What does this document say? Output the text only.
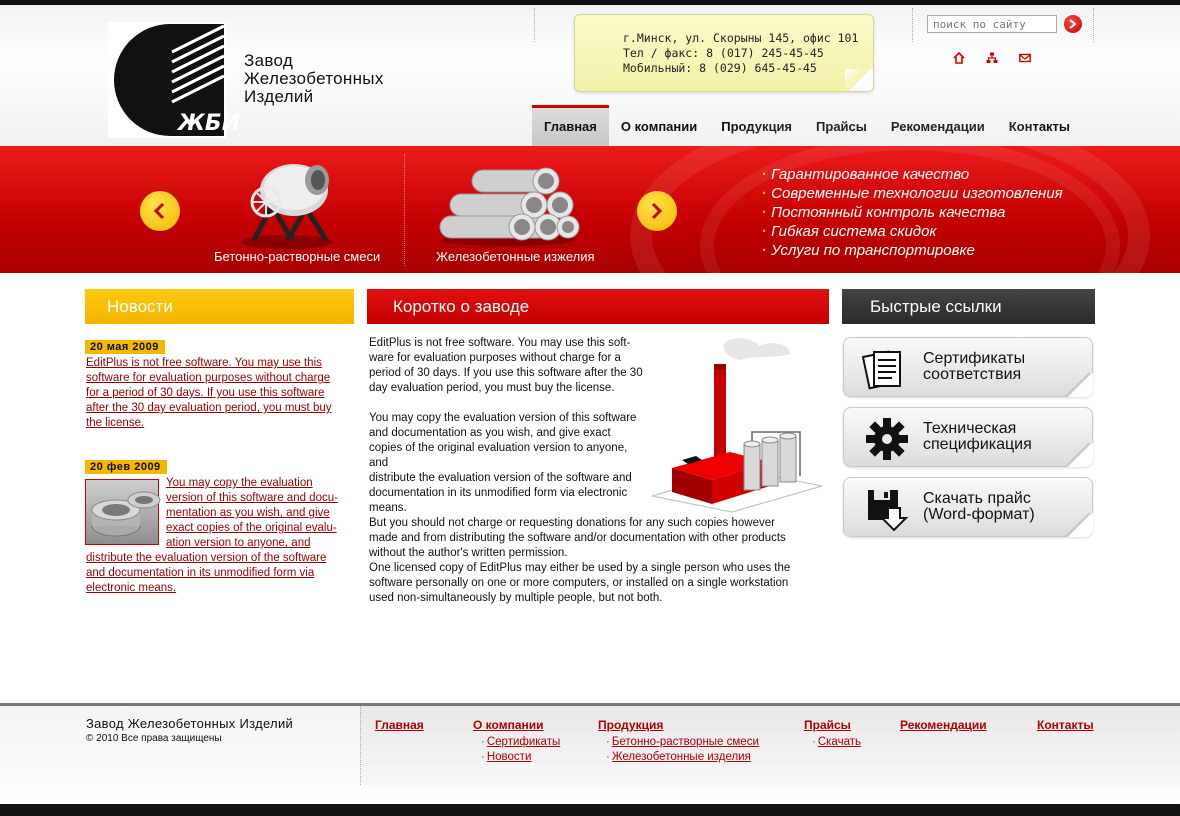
ЖБИ
Завод
Железобетонных
Изделий
г.Минск, ул. Скорыны 145, офис 101
Тел / факс: 8 (017) 245-45-45
Мобильный: 8 (029) 645-45-45
поиск по сайту
Главная	О компании	Продукция	Прайсы	Рекомендации	Контакты
Бетонно-растворные смеси	Железобетонные изжелия
· Гарантированное качество
· Современные технологии изготовления
· Постоянный контроль качества
· Гибкая система скидок
· Услуги по транспортировке
Новости	Коротко о заводе	Быстрые ссылки
20 мая 2009
EditPlus is not free software. You may use this
software for evaluation purposes without charge
for a period of 30 days. If you use this software
after the 30 day evaluation period, you must buy
the license.
20 фев 2009
You may copy the evaluation
version of this software and docu-
mentation as you wish, and give
exact copies of the original evalu-
ation version to anyone, and
distribute the evaluation version of the software
and documentation in its unmodified form via
electronic means.
EditPlus is not free software. You may use this soft-
ware for evaluation purposes without charge for a
period of 30 days. If you use this software after the 30
day evaluation period, you must buy the license.
You may copy the evaluation version of this software
and documentation as you wish, and give exact
copies of the original evaluation version to anyone,
and
distribute the evaluation version of the software and
documentation in its unmodified form via electronic
means.
But you should not charge or requesting donations for any such copies however
made and from distributing the software and/or documentation with other products
without the author's written permission.
One licensed copy of EditPlus may either be used by a single person who uses the
software personally on one or more computers, or installed on a single workstation
used non-simultaneously by multiple people, but not both.
Сертификаты
соответствия
Техническая
спецификация
Скачать прайс
(Word-формат)
Завод Железобетонных Изделий
© 2010 Все права защищены
Главная	О компании
· Сертификаты
· Новости
Продукция
· Бетонно-растворные смеси
· Железобетонные изделия
Прайсы
· Скачать
Рекомендации	Контакты
